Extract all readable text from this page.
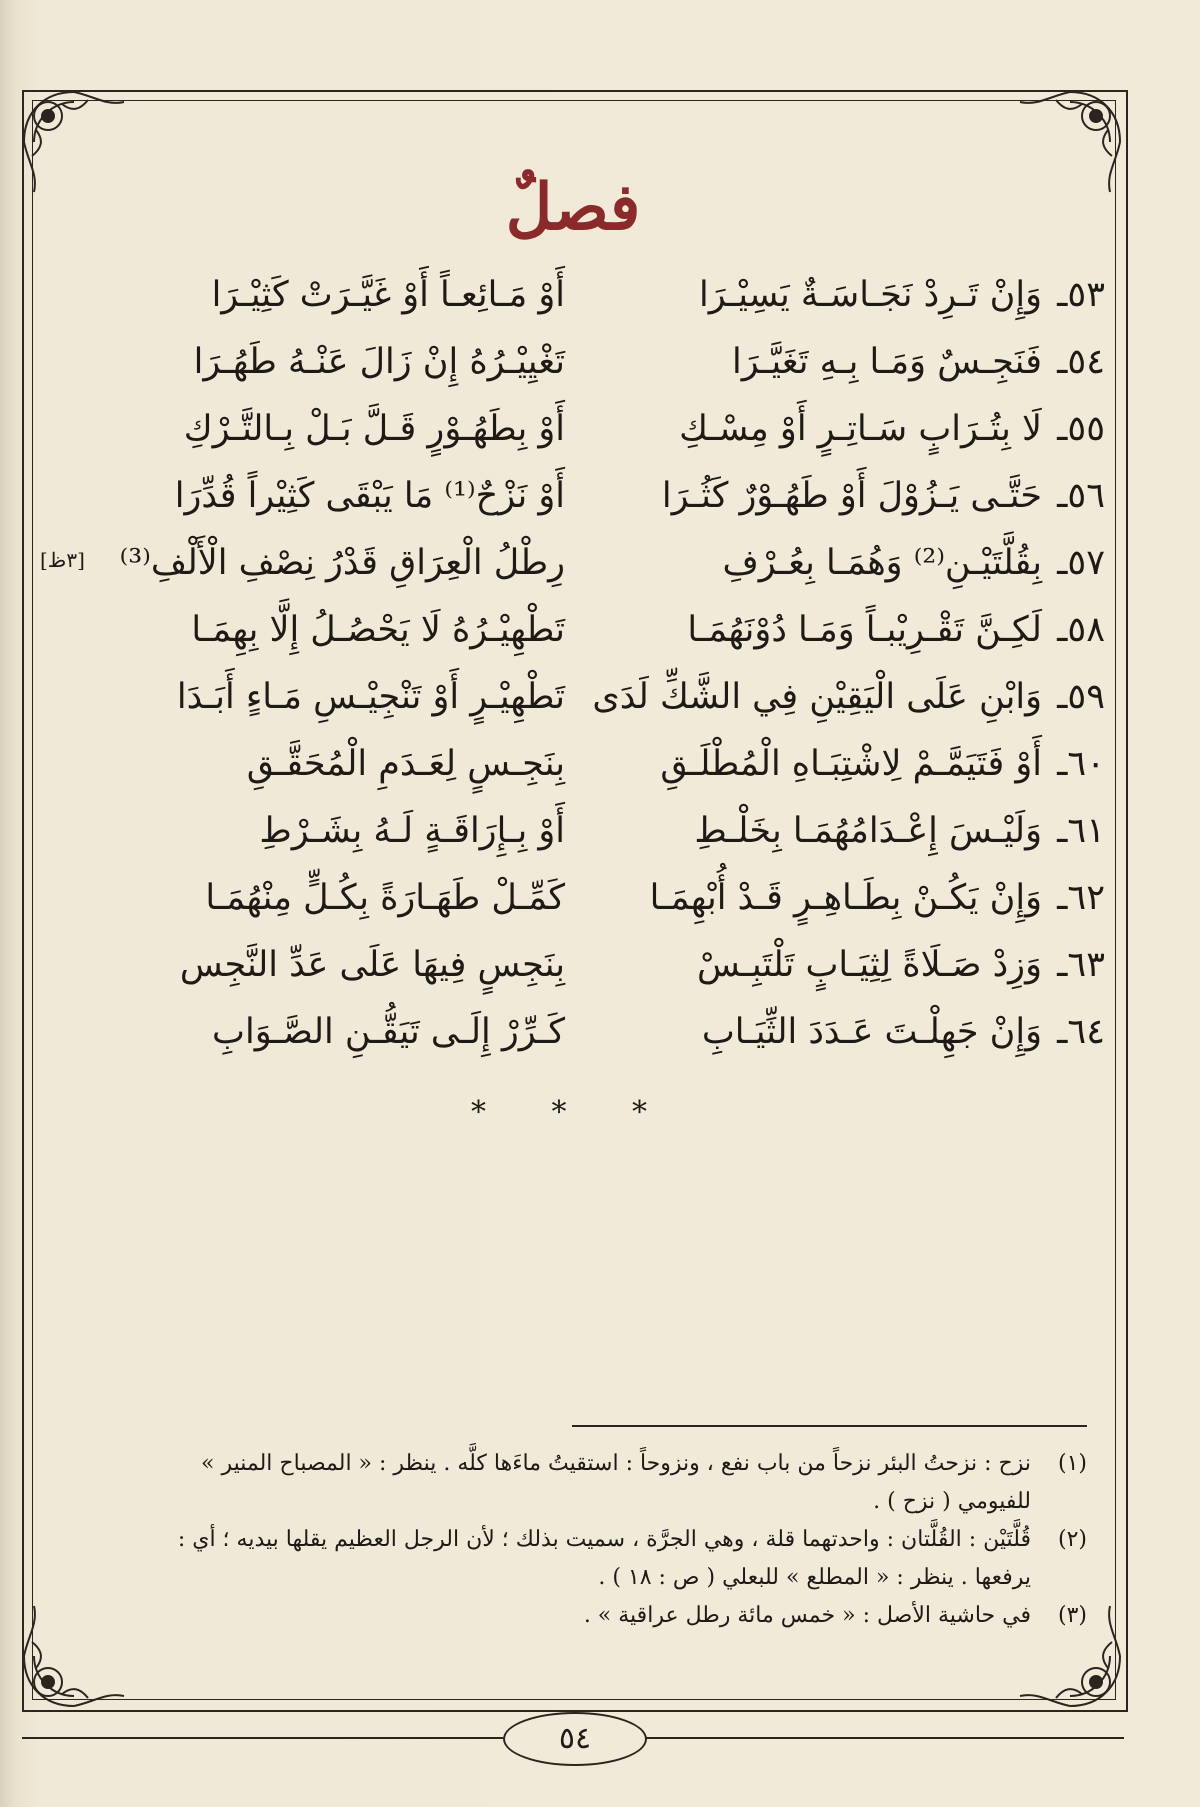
فصلٌ
[٣ظ]
٥٣ـ وَإِنْ تَـرِدْ نَجَـاسَـةٌ يَسِيْـرَا
أَوْ مَـائِعـاً أَوْ غَيَّـرَتْ كَثِيْـرَا
٥٤ـ فَنَجِـسٌ وَمَـا بِـهِ تَغَيَّـرَا
تَغْيِيْـرُهُ إِنْ زَالَ عَنْـهُ طَهُـرَا
٥٥ـ لَا بِتُـرَابٍ سَـاتِـرٍ أَوْ مِسْـكِ
أَوْ بِطَهُـوْرٍ قَـلَّ بَـلْ بِـالتَّـرْكِ
٥٦ـ حَتَّـى يَـزُوْلَ أَوْ طَهُـوْرٌ كَثُـرَا
أَوْ نَزْحٌ⁽¹⁾ مَا يَبْقَى كَثِيْراً قُدِّرَا
٥٧ـ بِقُلَّتَيْـنِ⁽²⁾ وَهُمَـا بِعُـرْفِ
رِطْلُ الْعِرَاقِ قَدْرُ نِصْفِ الْأَلْفِ⁽³⁾
٥٨ـ لَكِـنَّ تَقْـرِيْبـاً وَمَـا دُوْنَهُمَـا
تَطْهِيْـرُهُ لَا يَحْصُـلُ إِلَّا بِهِمَـا
٥٩ـ وَابْنِ عَلَى الْيَقِيْنِ فِي الشَّكِّ لَدَى
تَطْهِيْـرٍ أَوْ تَنْجِيْـسِ مَـاءٍ أَبَـدَا
٦٠ـ أَوْ فَتَيَمَّـمْ لِاشْتِبَـاهِ الْمُطْلَـقِ
بِنَجِـسٍ لِعَـدَمِ الْمُحَقَّـقِ
٦١ـ وَلَيْـسَ إِعْـدَامُهُمَـا بِخَلْـطِ
أَوْ بِـإِرَاقَـةٍ لَـهُ بِشَـرْطِ
٦٢ـ وَإِنْ يَكُـنْ بِطَـاهِـرٍ قَـدْ أُبْهِمَـا
كَمِّـلْ طَهَـارَةً بِكُـلٍّ مِنْهُمَـا
٦٣ـ وَزِدْ صَـلَاةً لِثِيَـابٍ تَلْتَبِـسْ
بِنَجِسٍ فِيهَا عَلَى عَدِّ النَّجِس
٦٤ـ وَإِنْ جَهِلْـتَ عَـدَدَ الثِّيَـابِ
كَـرِّرْ إِلَـى تَيَقُّـنِ الصَّـوَابِ
* * *
(١)
نزح : نزحتُ البئر نزحاً من باب نفع ، ونزوحاً : استقيتُ ماءَها كلَّه . ينظر : « المصباح المنير »
للفيومي ( نزح ) .
(٢)
قُلَّتَيْن : القُلَّتان : واحدتهما قلة ، وهي الجرَّة ، سميت بذلك ؛ لأن الرجل العظيم يقلها بيديه ؛ أي :
يرفعها . ينظر : « المطلع » للبعلي ( ص : ١٨ ) .
(٣)
في حاشية الأصل : « خمس مائة رطل عراقية » .
٥٤
